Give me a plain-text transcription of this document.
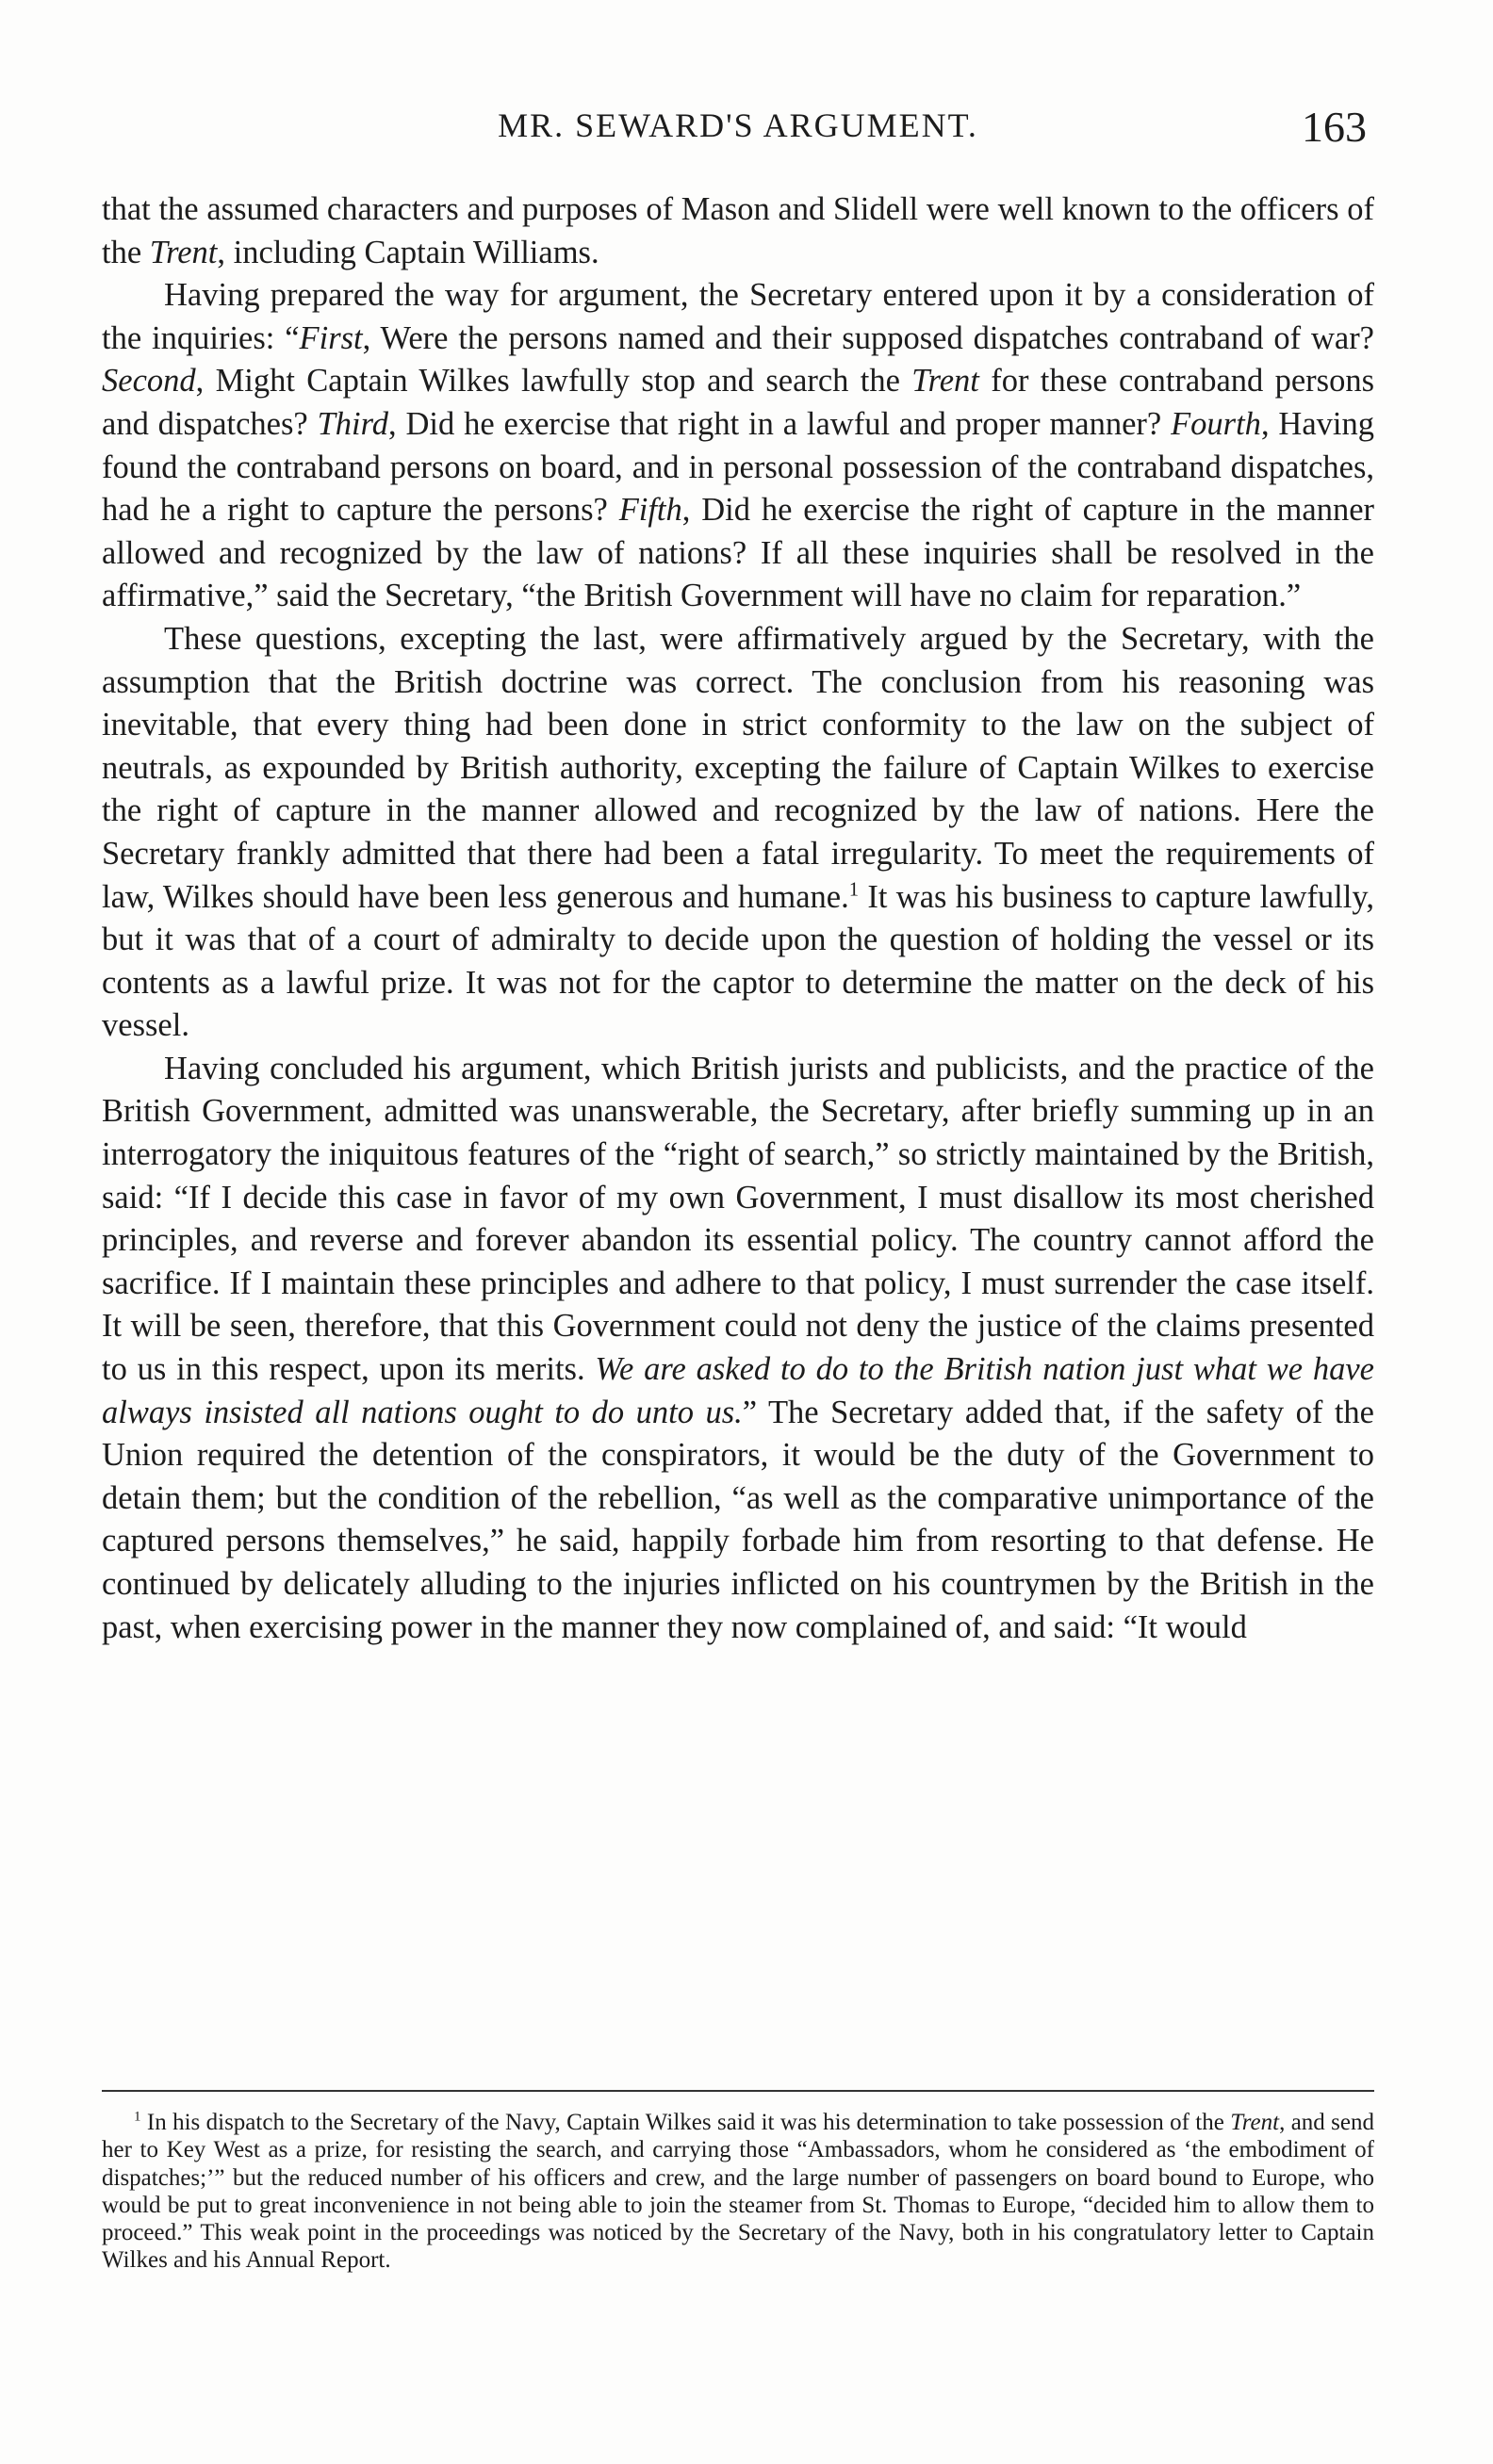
MR. SEWARD'S ARGUMENT.	163

that the assumed characters and purposes of Mason and Slidell were well known to the officers of the Trent, including Captain Williams.

Having prepared the way for argument, the Secretary entered upon it by a consideration of the inquiries: “First, Were the persons named and their supposed dispatches contraband of war? Second, Might Captain Wilkes lawfully stop and search the Trent for these contraband persons and dispatches? Third, Did he exercise that right in a lawful and proper manner? Fourth, Having found the contraband persons on board, and in personal possession of the contraband dispatches, had he a right to capture the persons? Fifth, Did he exercise the right of capture in the manner allowed and recognized by the law of nations? If all these inquiries shall be resolved in the affirmative,” said the Secretary, “the British Government will have no claim for reparation.”

These questions, excepting the last, were affirmatively argued by the Secretary, with the assumption that the British doctrine was correct. The conclusion from his reasoning was inevitable, that every thing had been done in strict conformity to the law on the subject of neutrals, as expounded by British authority, excepting the failure of Captain Wilkes to exercise the right of capture in the manner allowed and recognized by the law of nations. Here the Secretary frankly admitted that there had been a fatal irregularity. To meet the requirements of law, Wilkes should have been less generous and humane.$^1$ It was his business to capture lawfully, but it was that of a court of admiralty to decide upon the question of holding the vessel or its contents as a lawful prize. It was not for the captor to determine the matter on the deck of his vessel.

Having concluded his argument, which British jurists and publicists, and the practice of the British Government, admitted was unanswerable, the Secretary, after briefly summing up in an interrogatory the iniquitous features of the “right of search,” so strictly maintained by the British, said: “If I decide this case in favor of my own Government, I must disallow its most cherished principles, and reverse and forever abandon its essential policy. The country cannot afford the sacrifice. If I maintain these principles and adhere to that policy, I must surrender the case itself. It will be seen, therefore, that this Government could not deny the justice of the claims presented to us in this respect, upon its merits. We are asked to do to the British nation just what we have always insisted all nations ought to do unto us.” The Secretary added that, if the safety of the Union required the detention of the conspirators, it would be the duty of the Government to detain them; but the condition of the rebellion, “as well as the comparative unimportance of the captured persons themselves,” he said, happily forbade him from resorting to that defense. He continued by delicately alluding to the injuries inflicted on his countrymen by the British in the past, when exercising power in the manner they now complained of, and said: “It would

$^1$ In his dispatch to the Secretary of the Navy, Captain Wilkes said it was his determination to take possession of the Trent, and send her to Key West as a prize, for resisting the search, and carrying those “Ambassadors, whom he considered as ‘the embodiment of dispatches;’” but the reduced number of his officers and crew, and the large number of passengers on board bound to Europe, who would be put to great inconvenience in not being able to join the steamer from St. Thomas to Europe, “decided him to allow them to proceed.” This weak point in the proceedings was noticed by the Secretary of the Navy, both in his congratulatory letter to Captain Wilkes and his Annual Report.
